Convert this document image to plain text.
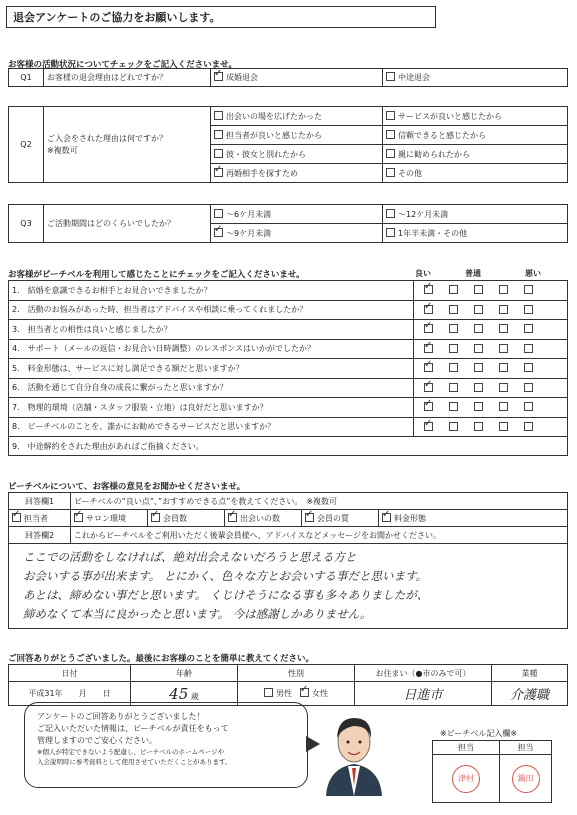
退会アンケートのご協力をお願いします。
お客様の活動状況についてチェックをご記入くださいませ。
Q1	お客様の退会理由はどれですか？	✓成婚退会	中途退会
Q2	ご入会をされた理由は何ですか？
※複数可	出会いの場を広げたかった	サービスが良いと感じたから
		担当者が良いと感じたから	信頼できると感じたから
		彼・彼女と別れたから	親に勧められたから
✓再婚相手を探すため	その他
Q3	ご活動期間はどのくらいでしたか？	～6ケ月未満	～12ケ月未満
✓～9ケ月未満	1年半未満・その他
お客様がビーチベルを利用して感じたことにチェックをご記入くださいませ。	良い	普通	悪い
1.　結婚を意識できるお相手とお見合いできましたか？	✓
2.　活動のお悩みがあった時、担当者はアドバイスや相談に乗ってくれましたか？	✓
3.　担当者との相性は良いと感じましたか？	✓
4.　サポート（メールの返信・お見合い日時調整）のレスポンスはいかがでしたか？	✓
5.　料金形態は、サービスに対し満足できる額だと思いますか？	✓
6.　活動を通じて自分自身の成長に繋がったと思いますか？	✓
7.　物理的環境（店舗・スタッフ服装・立地）は良好だと思いますか？	✓
8.　ビーチベルのことを、誰かにお勧めできるサービスだと思いますか？	✓
9.　中途解約をされた理由があればご指摘ください。	
ビーチベルについて、お客様の意見をお聞かせくださいませ。
回答欄1	ビーチベルの”良い点”、”おすすめできる点”を教えてください。　 ※複数可				
✓担当者	✓サロン環境	✓会員数	✓出会いの数	✓会員の質	✓料金形態
回答欄2	これからビーチベルをご利用いただく後輩会員様へ、アドバイスなどメッセージをお聞かせください。				

ここでの活動をしなければ、絶対出会えないだろうと思える方と
お会いする事が出来ます。 とにかく、色々な方とお会いする事だと思います。
あとは、締めない事だと思います。 くじけそうになる事も多々ありましたが、
締めなくて本当に良かったと思います。 今は感謝しかありません。					
ご回答ありがとうございました。最後にお客様のことを簡単に教えてください。
日付	年齢	性別	お住まい（●市のみで可）	業種
平成31年　　月　　日	45 歳	男性　 ✓ 女性	日進市	介護職
アンケートのご回答ありがとうございました！
ご記入いただいた情報は、ビーチベルが責任をもって
管理しますのでご安心ください。
※個人が特定できないよう配慮し、ビーチベルのホームページや
入会説明時に参考資料として使用させていただくことがあります。
※ビーチベル記入欄※
担当	担当

津村	鍋田
